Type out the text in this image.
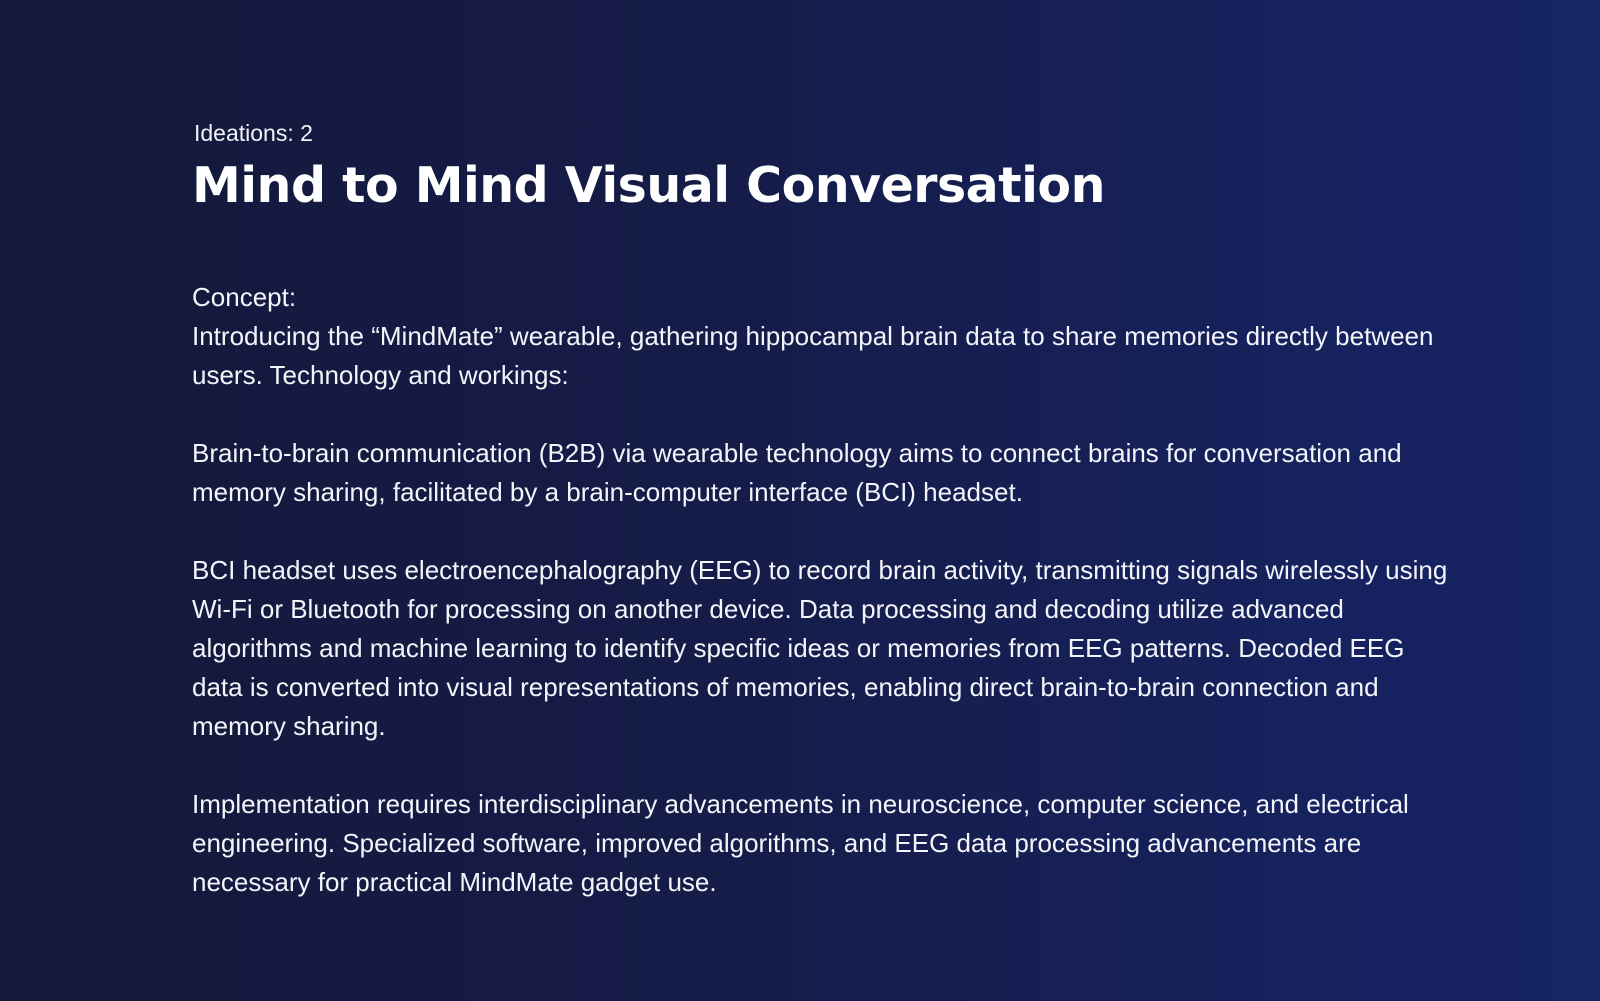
Ideations: 2
Mind to Mind Visual Conversation
Concept:
Introducing the “MindMate” wearable, gathering hippocampal brain data to share memories directly between users. Technology and workings:
Brain-to-brain communication (B2B) via wearable technology aims to connect brains for conversation and memory sharing, facilitated by a brain-computer interface (BCI) headset.
BCI headset uses electroencephalography (EEG) to record brain activity, transmitting signals wirelessly using Wi-Fi or Bluetooth for processing on another device. Data processing and decoding utilize advanced algorithms and machine learning to identify specific ideas or memories from EEG patterns. Decoded EEG data is converted into visual representations of memories, enabling direct brain-to-brain connection and memory sharing.
Implementation requires interdisciplinary advancements in neuroscience, computer science, and electrical engineering. Specialized software, improved algorithms, and EEG data processing advancements are necessary for practical MindMate gadget use.
